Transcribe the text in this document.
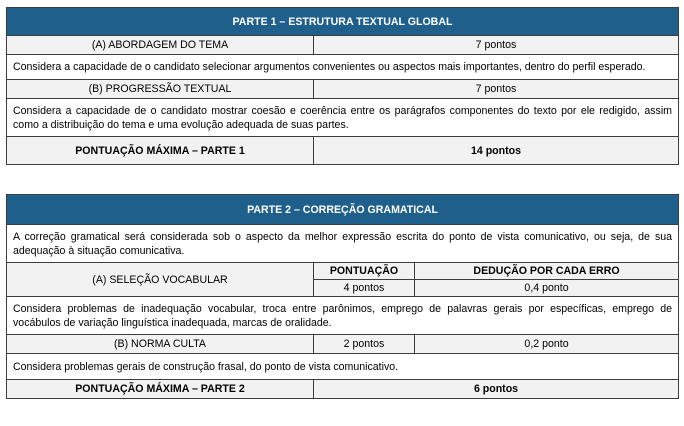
PARTE 1 – ESTRUTURA TEXTUAL GLOBAL	
(A) ABORDAGEM DO TEMA	7 pontos
Considera a capacidade de o candidato selecionar argumentos convenientes ou aspectos mais importantes, dentro do perfil esperado.	
(B) PROGRESSÃO TEXTUAL	7 pontos
Considera a capacidade de o candidato mostrar coesão e coerência entre os parágrafos componentes do texto por ele redigido, assim como a distribuição do tema e uma evolução adequada de suas partes.	
PONTUAÇÃO MÁXIMA – PARTE 1	14 pontos
PARTE 2 – CORREÇÃO GRAMATICAL		
A correção gramatical será considerada sob o aspecto da melhor expressão escrita do ponto de vista comunicativo, ou seja, de sua adequação à situação comunicativa.		
(A) SELEÇÃO VOCABULAR	PONTUAÇÃO	DEDUÇÃO POR CADA ERRO
	4 pontos	0,4 ponto
Considera problemas de inadequação vocabular, troca entre parônimos, emprego de palavras gerais por específicas, emprego de vocábulos de variação linguística inadequada, marcas de oralidade.		
(B) NORMA CULTA	2 pontos	0,2 ponto
Considera problemas gerais de construção frasal, do ponto de vista comunicativo.		
PONTUAÇÃO MÁXIMA – PARTE 2	6 pontos	
